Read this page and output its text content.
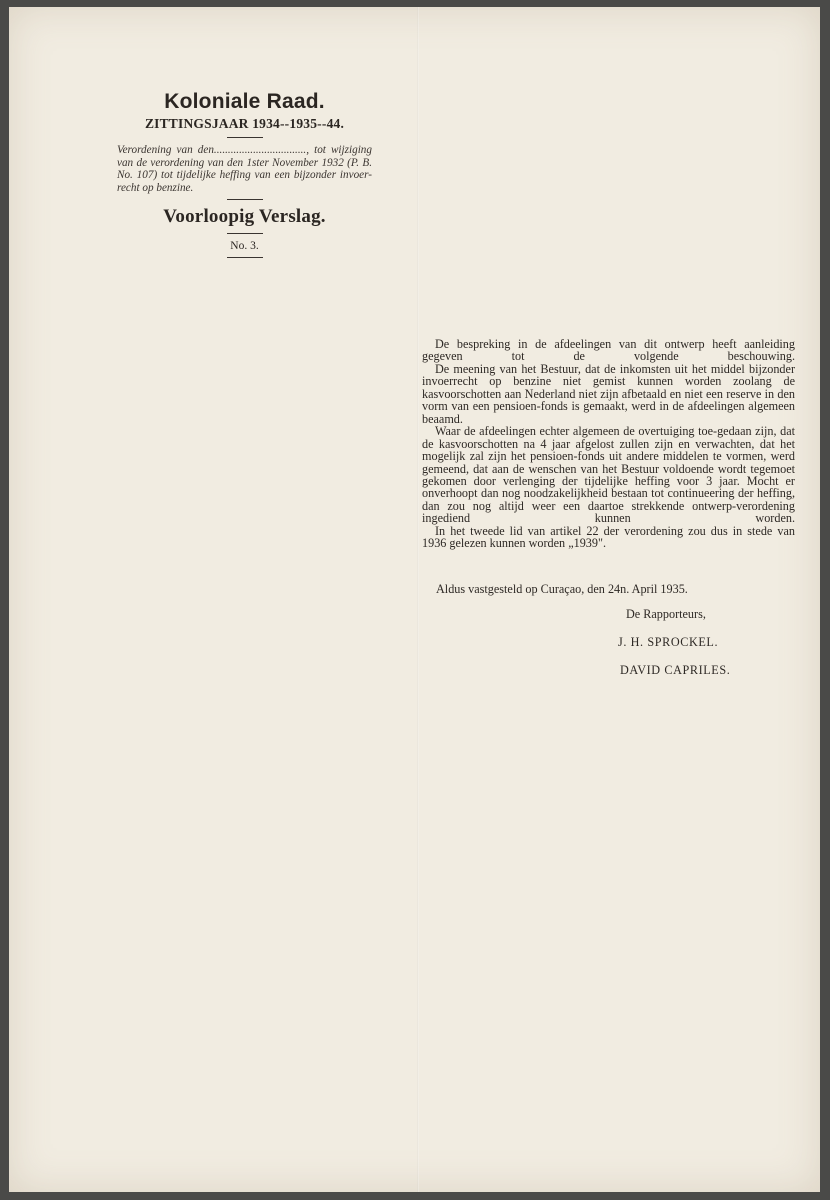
Koloniale Raad.
ZITTINGSJAAR 1934--1935--44.
Verordening van den................................., tot wijziging van de verordening van den 1ster November 1932 (P. B. No. 107) tot tijdelijke heffing van een bijzonder invoer-recht op benzine.
Voorloopig Verslag.
No. 3.

De bespreking in de afdeelingen van dit ontwerp heeft aanleiding gegeven tot de volgende beschouwing.

De meening van het Bestuur, dat de inkomsten uit het middel bijzonder invoerrecht op benzine niet gemist kunnen worden zoolang de kasvoorschotten aan Nederland niet zijn afbetaald en niet een reserve in den vorm van een pensioen-fonds is gemaakt, werd in de afdeelingen algemeen beaamd.

Waar de afdeelingen echter algemeen de overtuiging toe-gedaan zijn, dat de kasvoorschotten na 4 jaar afgelost zullen zijn en verwachten, dat het mogelijk zal zijn het pensioen-fonds uit andere middelen te vormen, werd gemeend, dat aan de wenschen van het Bestuur voldoende wordt tegemoet gekomen door verlenging der tijdelijke heffing voor 3 jaar. Mocht er onverhoopt dan nog noodzakelijkheid bestaan tot continueering der heffing, dan zou nog altijd weer een daartoe strekkende ontwerp-verordening ingediend kunnen worden.

In het tweede lid van artikel 22 der verordening zou dus in stede van 1936 gelezen kunnen worden „1939".

Aldus vastgesteld op Curaçao, den 24n. April 1935.
De Rapporteurs,
J. H. SPROCKEL.
DAVID CAPRILES.
